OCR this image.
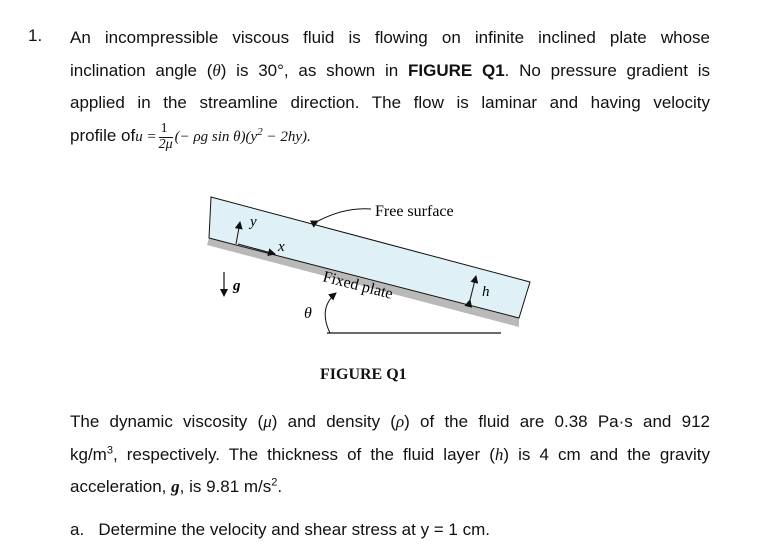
1. An incompressible viscous fluid is flowing on infinite inclined plate whose
inclination angle (θ) is 30°, as shown in FIGURE Q1. No pressure gradient is
applied in the streamline direction. The flow is laminar and having velocity
profile ofu = $\frac{1}{2\mu}$ (− ρg $\sin \theta)(y^2 - 2hy)$.
Free surface
y
x
Fixed plate	h
g
θ
FIGURE Q1
The dynamic viscosity (μ) and density (ρ) of the fluid are 0.38 Pa·s and 912
$kg/m^3$, respectively. The thickness of the fluid layer (h) is 4 cm and the gravity
acceleration, g, is 9.81 $m/s^2$.
a. Determine the velocity and shear stress at y = 1 cm.
